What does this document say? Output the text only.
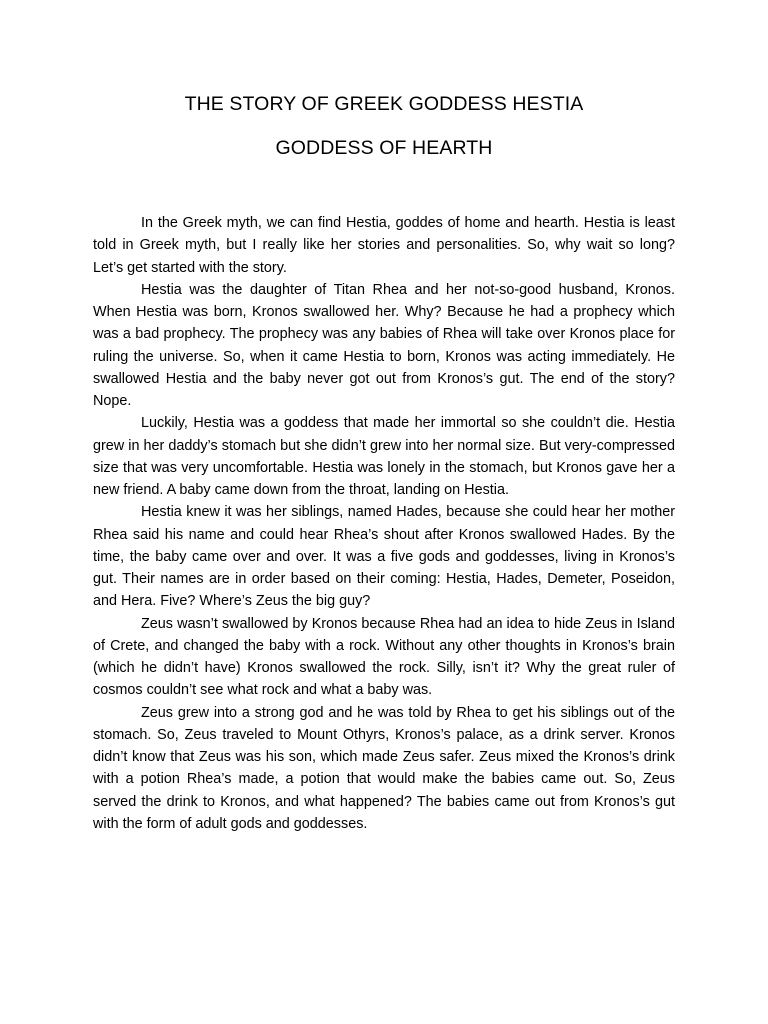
THE STORY OF GREEK GODDESS HESTIA
GODDESS OF HEARTH

In the Greek myth, we can find Hestia, goddes of home and hearth. Hestia is least told in Greek myth, but I really like her stories and personalities. So, why wait so long? Let’s get started with the story.

Hestia was the daughter of Titan Rhea and her not-so-good husband, Kronos. When Hestia was born, Kronos swallowed her. Why? Because he had a prophecy which was a bad prophecy. The prophecy was any babies of Rhea will take over Kronos place for ruling the universe. So, when it came Hestia to born, Kronos was acting immediately. He swallowed Hestia and the baby never got out from Kronos’s gut. The end of the story? Nope.

Luckily, Hestia was a goddess that made her immortal so she couldn’t die. Hestia grew in her daddy’s stomach but she didn’t grew into her normal size. But very-compressed size that was very uncomfortable. Hestia was lonely in the stomach, but Kronos gave her a new friend. A baby came down from the throat, landing on Hestia.

Hestia knew it was her siblings, named Hades, because she could hear her mother Rhea said his name and could hear Rhea’s shout after Kronos swallowed Hades. By the time, the baby came over and over. It was a five gods and goddesses, living in Kronos’s gut. Their names are in order based on their coming: Hestia, Hades, Demeter, Poseidon, and Hera. Five? Where’s Zeus the big guy?

Zeus wasn’t swallowed by Kronos because Rhea had an idea to hide Zeus in Island of Crete, and changed the baby with a rock. Without any other thoughts in Kronos’s brain (which he didn’t have) Kronos swallowed the rock. Silly, isn’t it? Why the great ruler of cosmos couldn’t see what rock and what a baby was.

Zeus grew into a strong god and he was told by Rhea to get his siblings out of the stomach. So, Zeus traveled to Mount Othyrs, Kronos’s palace, as a drink server. Kronos didn’t know that Zeus was his son, which made Zeus safer. Zeus mixed the Kronos’s drink with a potion Rhea’s made, a potion that would make the babies came out. So, Zeus served the drink to Kronos, and what happened? The babies came out from Kronos’s gut with the form of adult gods and goddesses.
